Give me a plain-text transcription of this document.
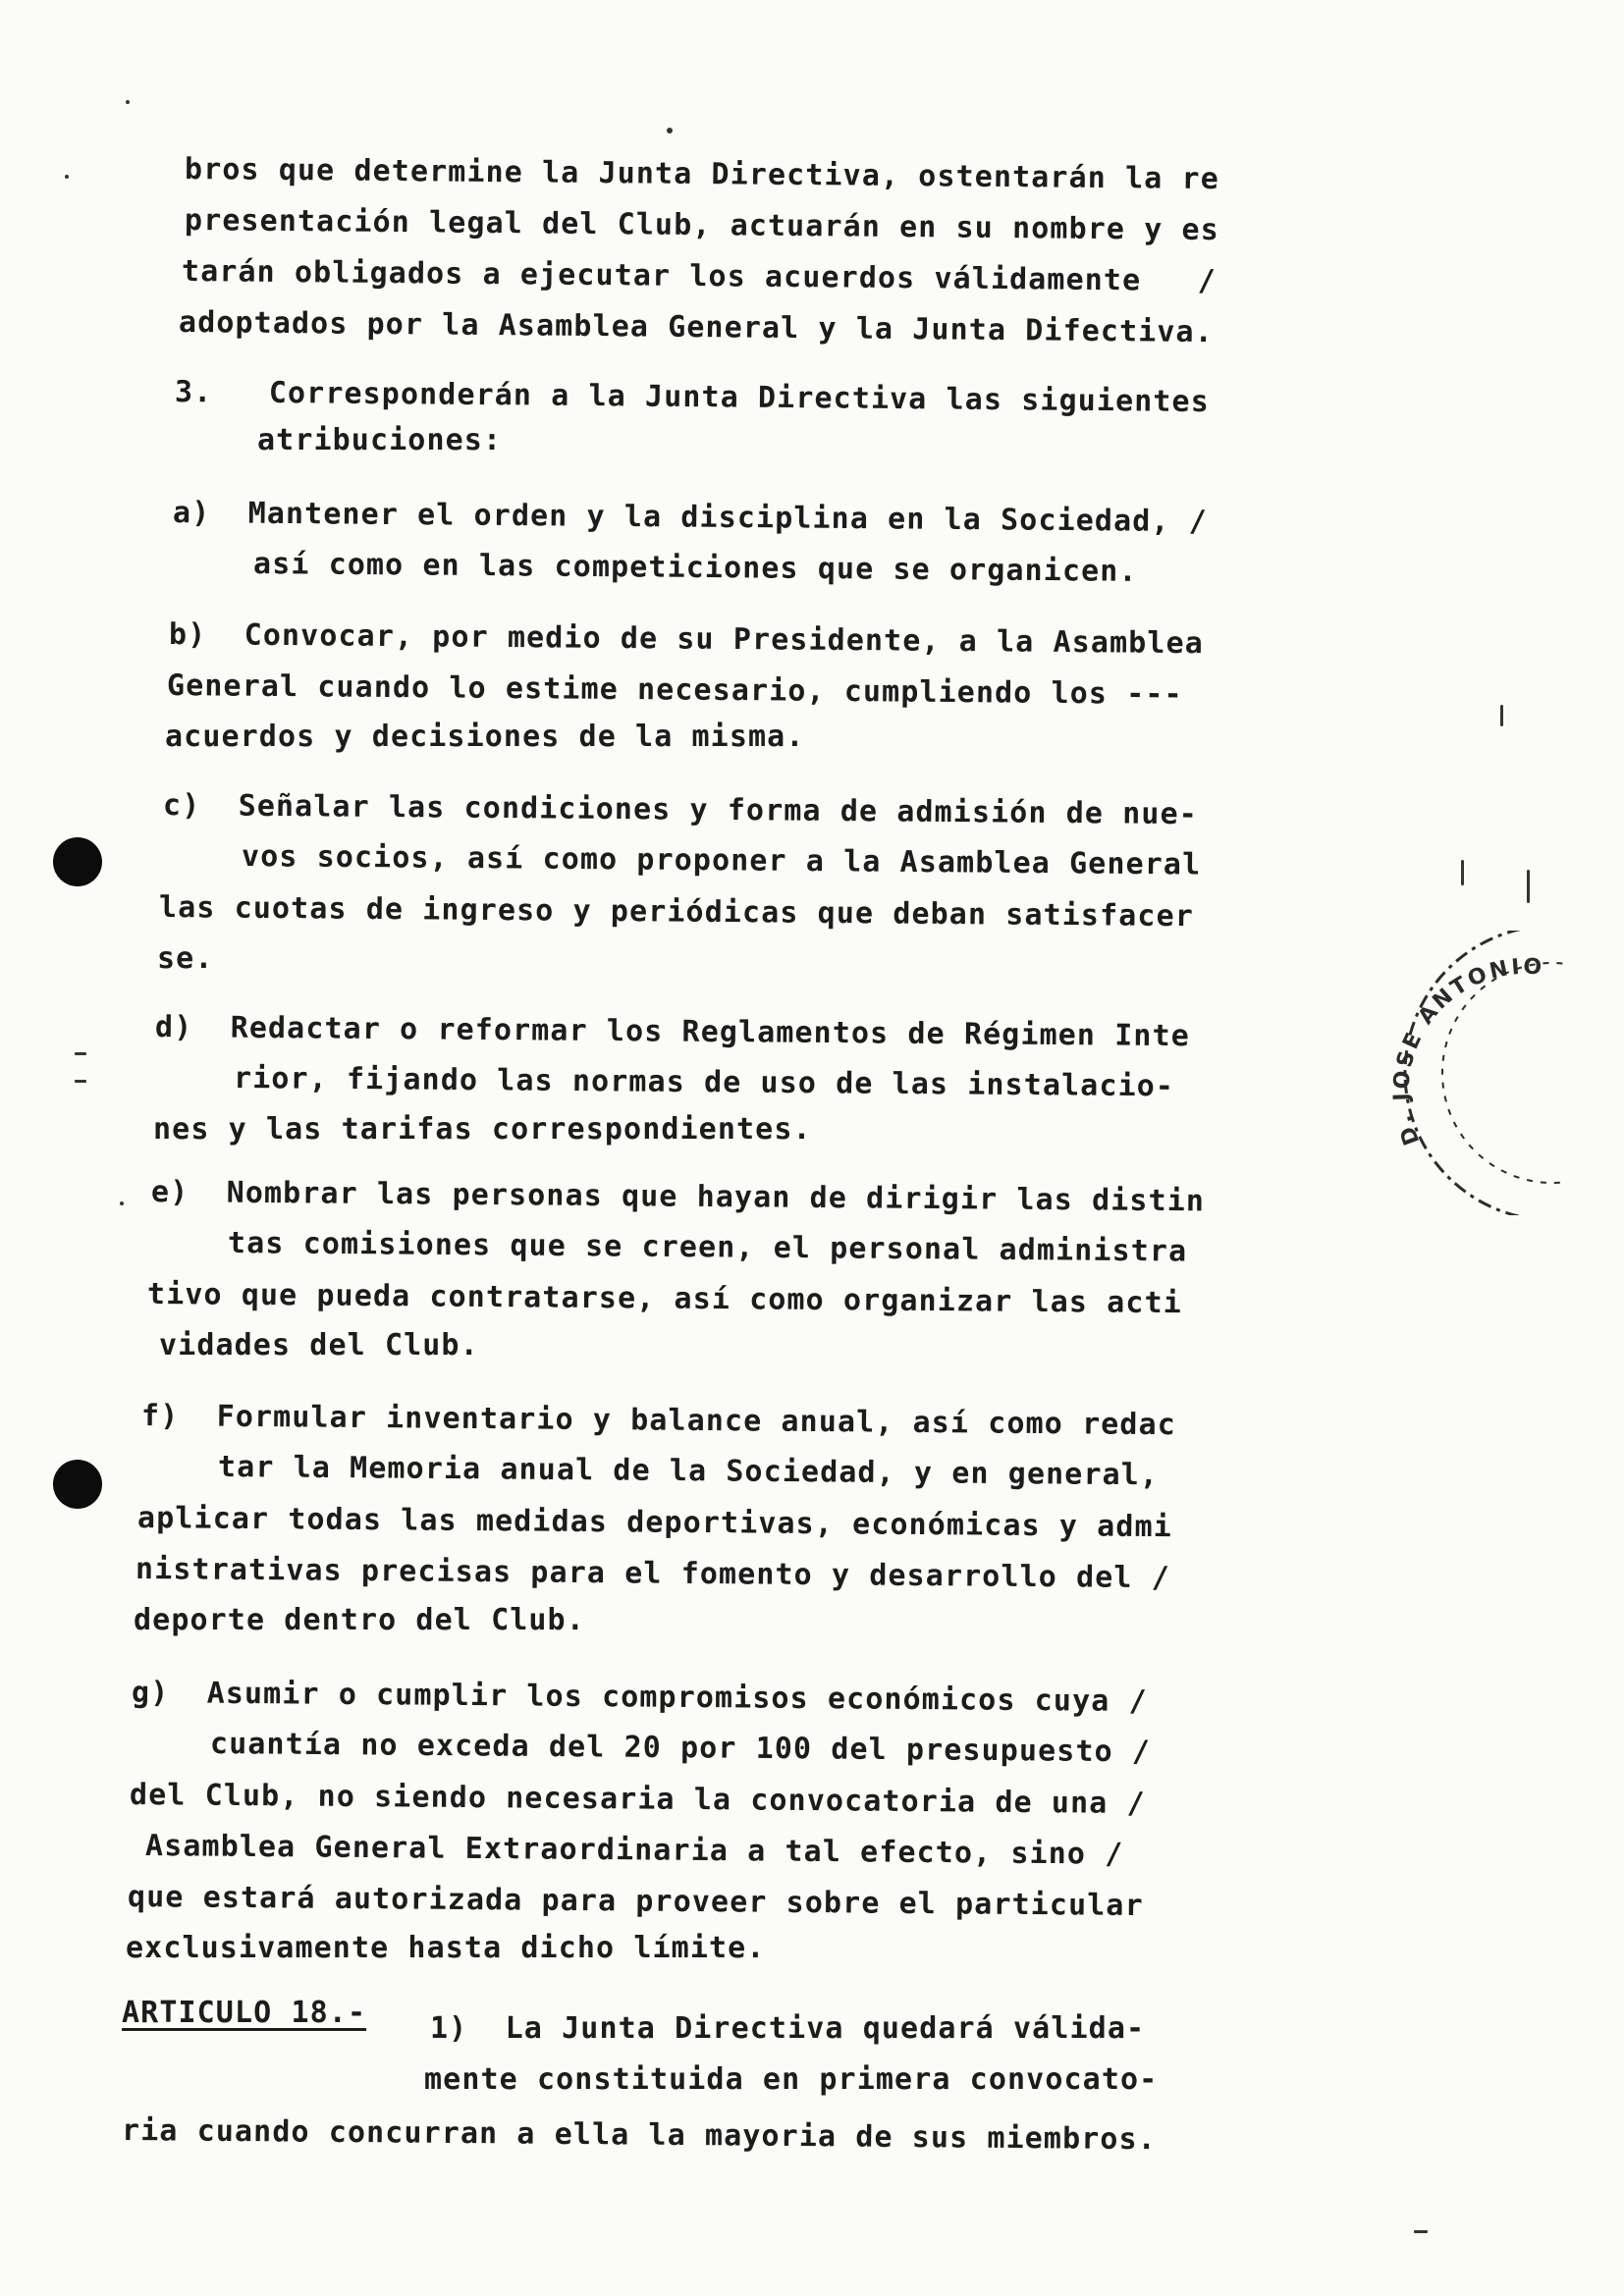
bros que determine la Junta Directiva, ostentarán la re
presentación legal del Club, actuarán en su nombre y es
tarán obligados a ejecutar los acuerdos válidamente   /
adoptados por la Asamblea General y la Junta Difectiva.
3.   Corresponderán a la Junta Directiva las siguientes
atribuciones:
a)  Mantener el orden y la disciplina en la Sociedad, /
así como en las competiciones que se organicen.
b)  Convocar, por medio de su Presidente, a la Asamblea
General cuando lo estime necesario, cumpliendo los ---
acuerdos y decisiones de la misma.
c)  Señalar las condiciones y forma de admisión de nue-
vos socios, así como proponer a la Asamblea General
las cuotas de ingreso y periódicas que deban satisfacer
se.
d)  Redactar o reformar los Reglamentos de Régimen Inte
rior, fijando las normas de uso de las instalacio-
nes y las tarifas correspondientes.
e)  Nombrar las personas que hayan de dirigir las distin
tas comisiones que se creen, el personal administra
tivo que pueda contratarse, así como organizar las acti
vidades del Club.
f)  Formular inventario y balance anual, así como redac
tar la Memoria anual de la Sociedad, y en general,
aplicar todas las medidas deportivas, económicas y admi
nistrativas precisas para el fomento y desarrollo del /
deporte dentro del Club.
g)  Asumir o cumplir los compromisos económicos cuya /
cuantía no exceda del 20 por 100 del presupuesto /
del Club, no siendo necesaria la convocatoria de una /
Asamblea General Extraordinaria a tal efecto, sino /
que estará autorizada para proveer sobre el particular
exclusivamente hasta dicho límite.
ARTICULO 18.- 1)  La Junta Directiva quedará válida-
mente constituida en primera convocato-
ria cuando concurran a ella la mayoria de sus miembros.
D. JOSE ANTONIO
